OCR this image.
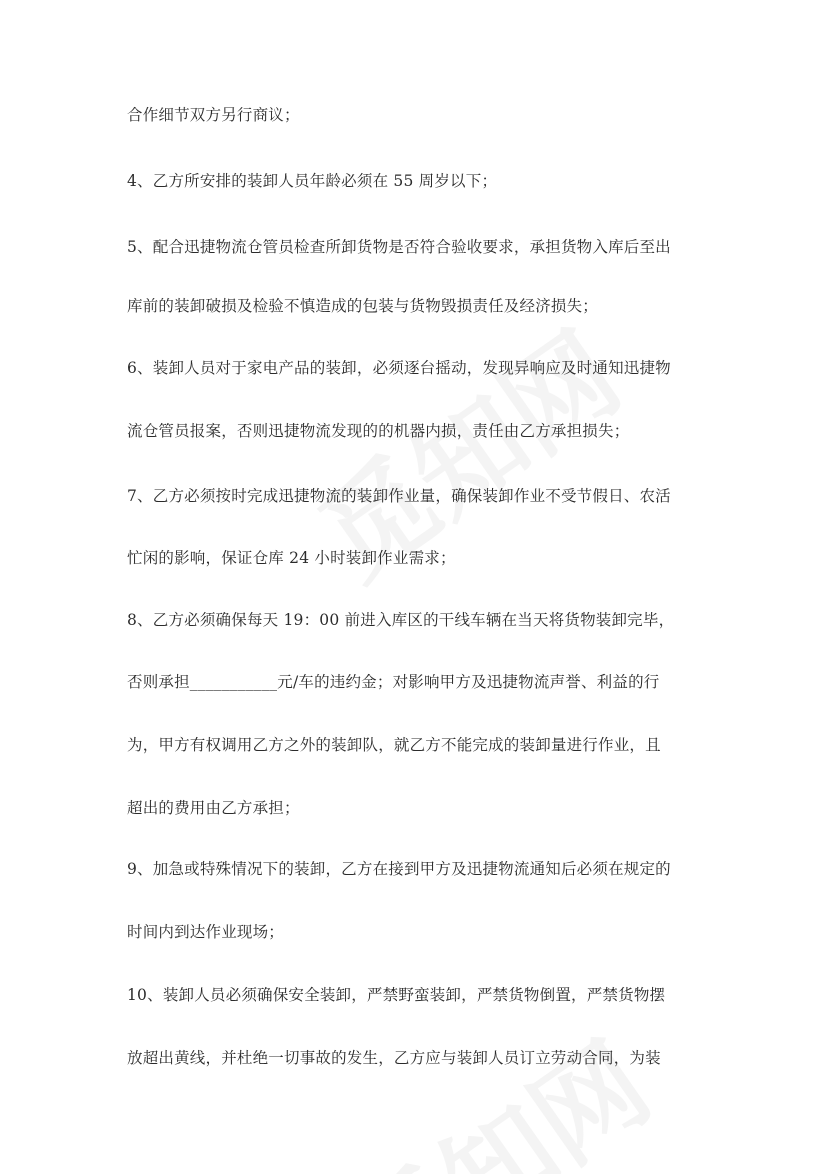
合作细节双方另行商议；

4、乙方所安排的装卸人员年龄必须在 55 周岁以下；

5、配合迅捷物流仓管员检查所卸货物是否符合验收要求，承担货物入库后至出

库前的装卸破损及检验不慎造成的包装与货物毁损责任及经济损失；

6、装卸人员对于家电产品的装卸，必须逐台摇动，发现异响应及时通知迅捷物

流仓管员报案，否则迅捷物流发现的的机器内损，责任由乙方承担损失；

7、乙方必须按时完成迅捷物流的装卸作业量，确保装卸作业不受节假日、农活

忙闲的影响，保证仓库 24 小时装卸作业需求；

8、乙方必须确保每天 19：00 前进入库区的干线车辆在当天将货物装卸完毕，

否则承担___________元/车的违约金；对影响甲方及迅捷物流声誉、利益的行

为，甲方有权调用乙方之外的装卸队，就乙方不能完成的装卸量进行作业，且

超出的费用由乙方承担；

9、加急或特殊情况下的装卸，乙方在接到甲方及迅捷物流通知后必须在规定的

时间内到达作业现场；

10、装卸人员必须确保安全装卸，严禁野蛮装卸，严禁货物倒置，严禁货物摆

放超出黄线，并杜绝一切事故的发生，乙方应与装卸人员订立劳动合同，为装
